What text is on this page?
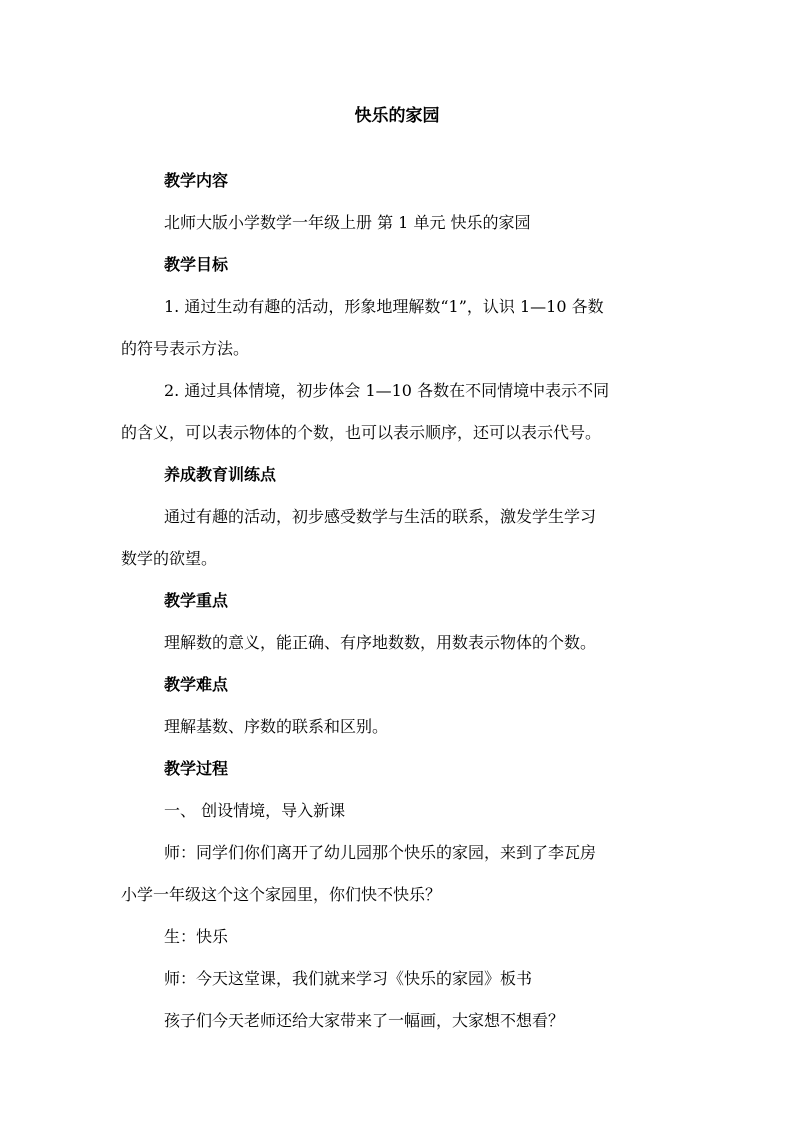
快乐的家园
教学内容
北师大版小学数学一年级上册 第 1 单元 快乐的家园
教学目标
1. 通过生动有趣的活动，形象地理解数“1”，认识 1—10 各数
的符号表示方法。
2. 通过具体情境，初步体会 1—10 各数在不同情境中表示不同
的含义，可以表示物体的个数，也可以表示顺序，还可以表示代号。
养成教育训练点
通过有趣的活动，初步感受数学与生活的联系，激发学生学习
数学的欲望。
教学重点
理解数的意义，能正确、有序地数数，用数表示物体的个数。
教学难点
理解基数、序数的联系和区别。
教学过程
一、 创设情境，导入新课
师：同学们你们离开了幼儿园那个快乐的家园，来到了李瓦房
小学一年级这个这个家园里，你们快不快乐？
生：快乐
师：今天这堂课，我们就来学习《快乐的家园》板书
孩子们今天老师还给大家带来了一幅画，大家想不想看？
